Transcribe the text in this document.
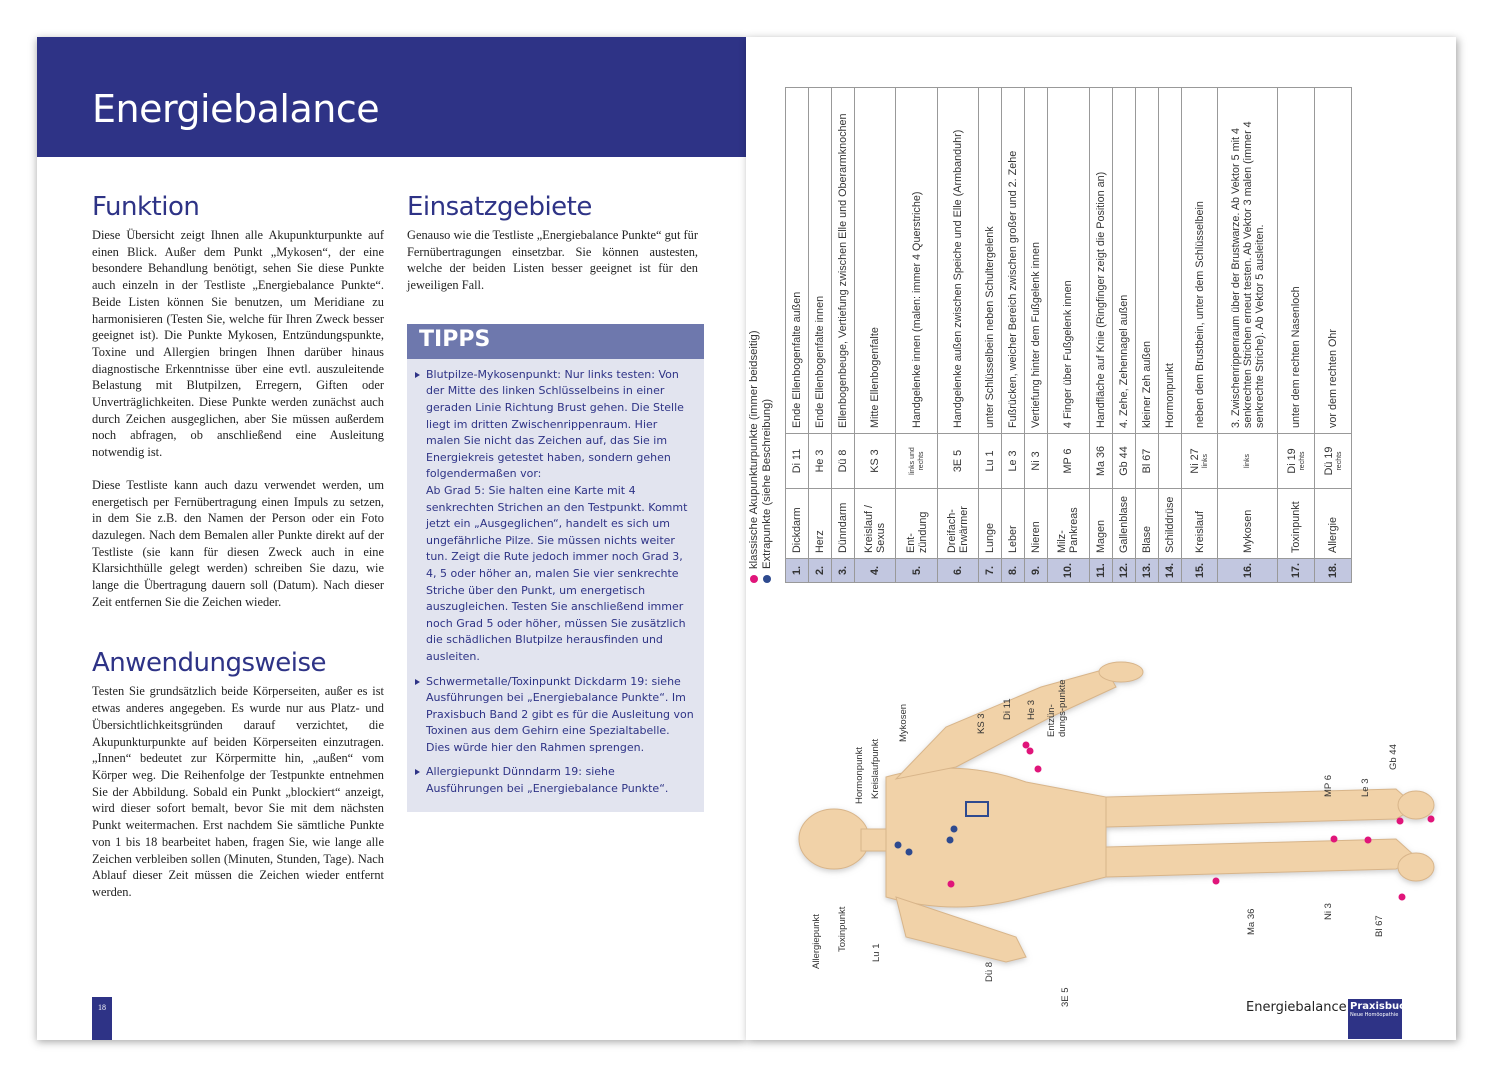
Energiebalance
Funktion

Diese Übersicht zeigt Ihnen alle Akupunkturpunkte auf einen Blick. Außer dem Punkt „Mykosen“, der eine besondere Behandlung benötigt, sehen Sie diese Punkte auch einzeln in der Testliste „Energiebalance Punkte“. Beide Listen können Sie benutzen, um Meridiane zu harmonisieren (Testen Sie, welche für Ihren Zweck besser geeignet ist). Die Punkte Mykosen, Entzündungspunkte, Toxine und Allergien bringen Ihnen darüber hinaus diagnostische Erkenntnisse über eine evtl. auszuleitende Belastung mit Blutpilzen, Erregern, Giften oder Unverträglichkeiten. Diese Punkte werden zunächst auch durch Zeichen ausgeglichen, aber Sie müssen außerdem noch abfragen, ob anschließend eine Ausleitung notwendig ist.

Diese Testliste kann auch dazu verwendet werden, um energetisch per Fernübertragung einen Impuls zu setzen, in dem Sie z.B. den Namen der Person oder ein Foto dazulegen. Nach dem Bemalen aller Punkte direkt auf der Testliste (sie kann für diesen Zweck auch in eine Klarsichthülle gelegt werden) schreiben Sie dazu, wie lange die Übertragung dauern soll (Datum). Nach dieser Zeit entfernen Sie die Zeichen wieder.

Anwendungsweise

Testen Sie grundsätzlich beide Körperseiten, außer es ist etwas anderes angegeben. Es wurde nur aus Platz- und Übersichtlichkeitsgründen darauf verzichtet, die Akupunkturpunkte auf beiden Körperseiten einzutragen. „Innen“ bedeutet zur Körpermitte hin, „außen“ vom Körper weg. Die Reihenfolge der Testpunkte entnehmen Sie der Abbildung. Sobald ein Punkt „blockiert“ anzeigt, wird dieser sofort bemalt, bevor Sie mit dem nächsten Punkt weitermachen. Erst nachdem Sie sämtliche Punkte von 1 bis 18 bearbeitet haben, fragen Sie, wie lange alle Zeichen verbleiben sollen (Minuten, Stunden, Tage). Nach Ablauf dieser Zeit müssen die Zeichen wieder entfernt werden.

Einsatzgebiete

Genauso wie die Testliste „Energiebalance Punkte“ gut für Fernübertragungen einsetzbar. Sie können austesten, welche der beiden Listen besser geeignet ist für den jeweiligen Fall.

TIPPS
Blutpilze-Mykosenpunkt: Nur links testen: Von der Mitte des linken Schlüsselbeins in einer geraden Linie Richtung Brust gehen. Die Stelle liegt im dritten Zwischenrippenraum. Hier malen Sie nicht das Zeichen auf, das Sie im Energiekreis getestet haben, sondern gehen folgendermaßen vor:
Ab Grad 5: Sie halten eine Karte mit 4 senkrechten Strichen an den Testpunkt. Kommt jetzt ein „Ausgeglichen“, handelt es sich um ungefährliche Pilze. Sie müssen nichts weiter tun. Zeigt die Rute jedoch immer noch Grad 3, 4, 5 oder höher an, malen Sie vier senkrechte Striche über den Punkt, um energetisch auszugleichen. Testen Sie anschließend immer noch Grad 5 oder höher, müssen Sie zusätzlich die schädlichen Blutpilze herausfinden und ausleiten.
Schwermetalle/Toxinpunkt Dickdarm 19: siehe Ausführungen bei „Energiebalance Punkte“. Im Praxisbuch Band 2 gibt es für die Ausleitung von Toxinen aus dem Gehirn eine Spezialtabelle. Dies würde hier den Rahmen sprengen.
Allergiepunkt Dünndarm 19: siehe Ausführungen bei „Energiebalance Punkte“.
18
klassische Akupunkturpunkte (immer beidseitig) Extrapunkte (siehe Beschreibung)
1.	Dickdarm	Di 11	Ende Ellenbogenfalte außen
2.	Herz	He 3	Ende Ellenbogenfalte innen
3.	Dünndarm	Dü 8	Ellenbogenbeuge, Vertiefung zwischen Elle und Oberarmknochen
4.	Kreislauf / Sexus	KS 3	Mitte Ellenbogenfalte
5.	Ent-zündung	links und rechts	Handgelenke innen (malen: immer 4 Querstriche)
6.	Dreifach-Erwärmer	3E 5	Handgelenke außen zwischen Speiche und Elle (Armbanduhr)
7.	Lunge	Lu 1	unter Schlüsselbein neben Schultergelenk
8.	Leber	Le 3	Fußrücken, weicher Bereich zwischen großer und 2. Zehe
9.	Nieren	Ni 3	Vertiefung hinter dem Fußgelenk innen
10.	Milz-Pankreas	MP 6	4 Finger über Fußgelenk innen
11.	Magen	Ma 36	Handfläche auf Knie (Ringfinger zeigt die Position an)
12.	Gallenblase	Gb 44	4. Zehe, Zehennagel außen
13.	Blase	Bl 67	kleiner Zeh außen
14.	Schilddrüse		Hormonpunkt
15.	Kreislauf	Ni 27 links	neben dem Brustbein, unter dem Schlüsselbein
16.	Mykosen	links	3. Zwischenrippenraum über der Brustwarze. Ab Vektor 5 mit 4 senkrechten Strichen erneut testen. Ab Vektor 3 malen (immer 4 senkrechte Striche). Ab Vektor 5 ausleiten.
17.	Toxinpunkt	Di 19 rechts	unter dem rechten Nasenloch
18.	Allergie	Dü 19 rechts	vor dem rechten Ohr
Allergiepunkt Toxinpunkt
Lu 1
Hormonpunkt Kreislaufpunkt
Mykosen	KS 3
Di 11 He 3 Entzün-dungs-punkte
Dü 8
3E 5
Ma 36
MP 6
Ni 3
Le 3
Gb 44
Bl 67
Energiebalance Praxisbuch
Neue Homöopathie
